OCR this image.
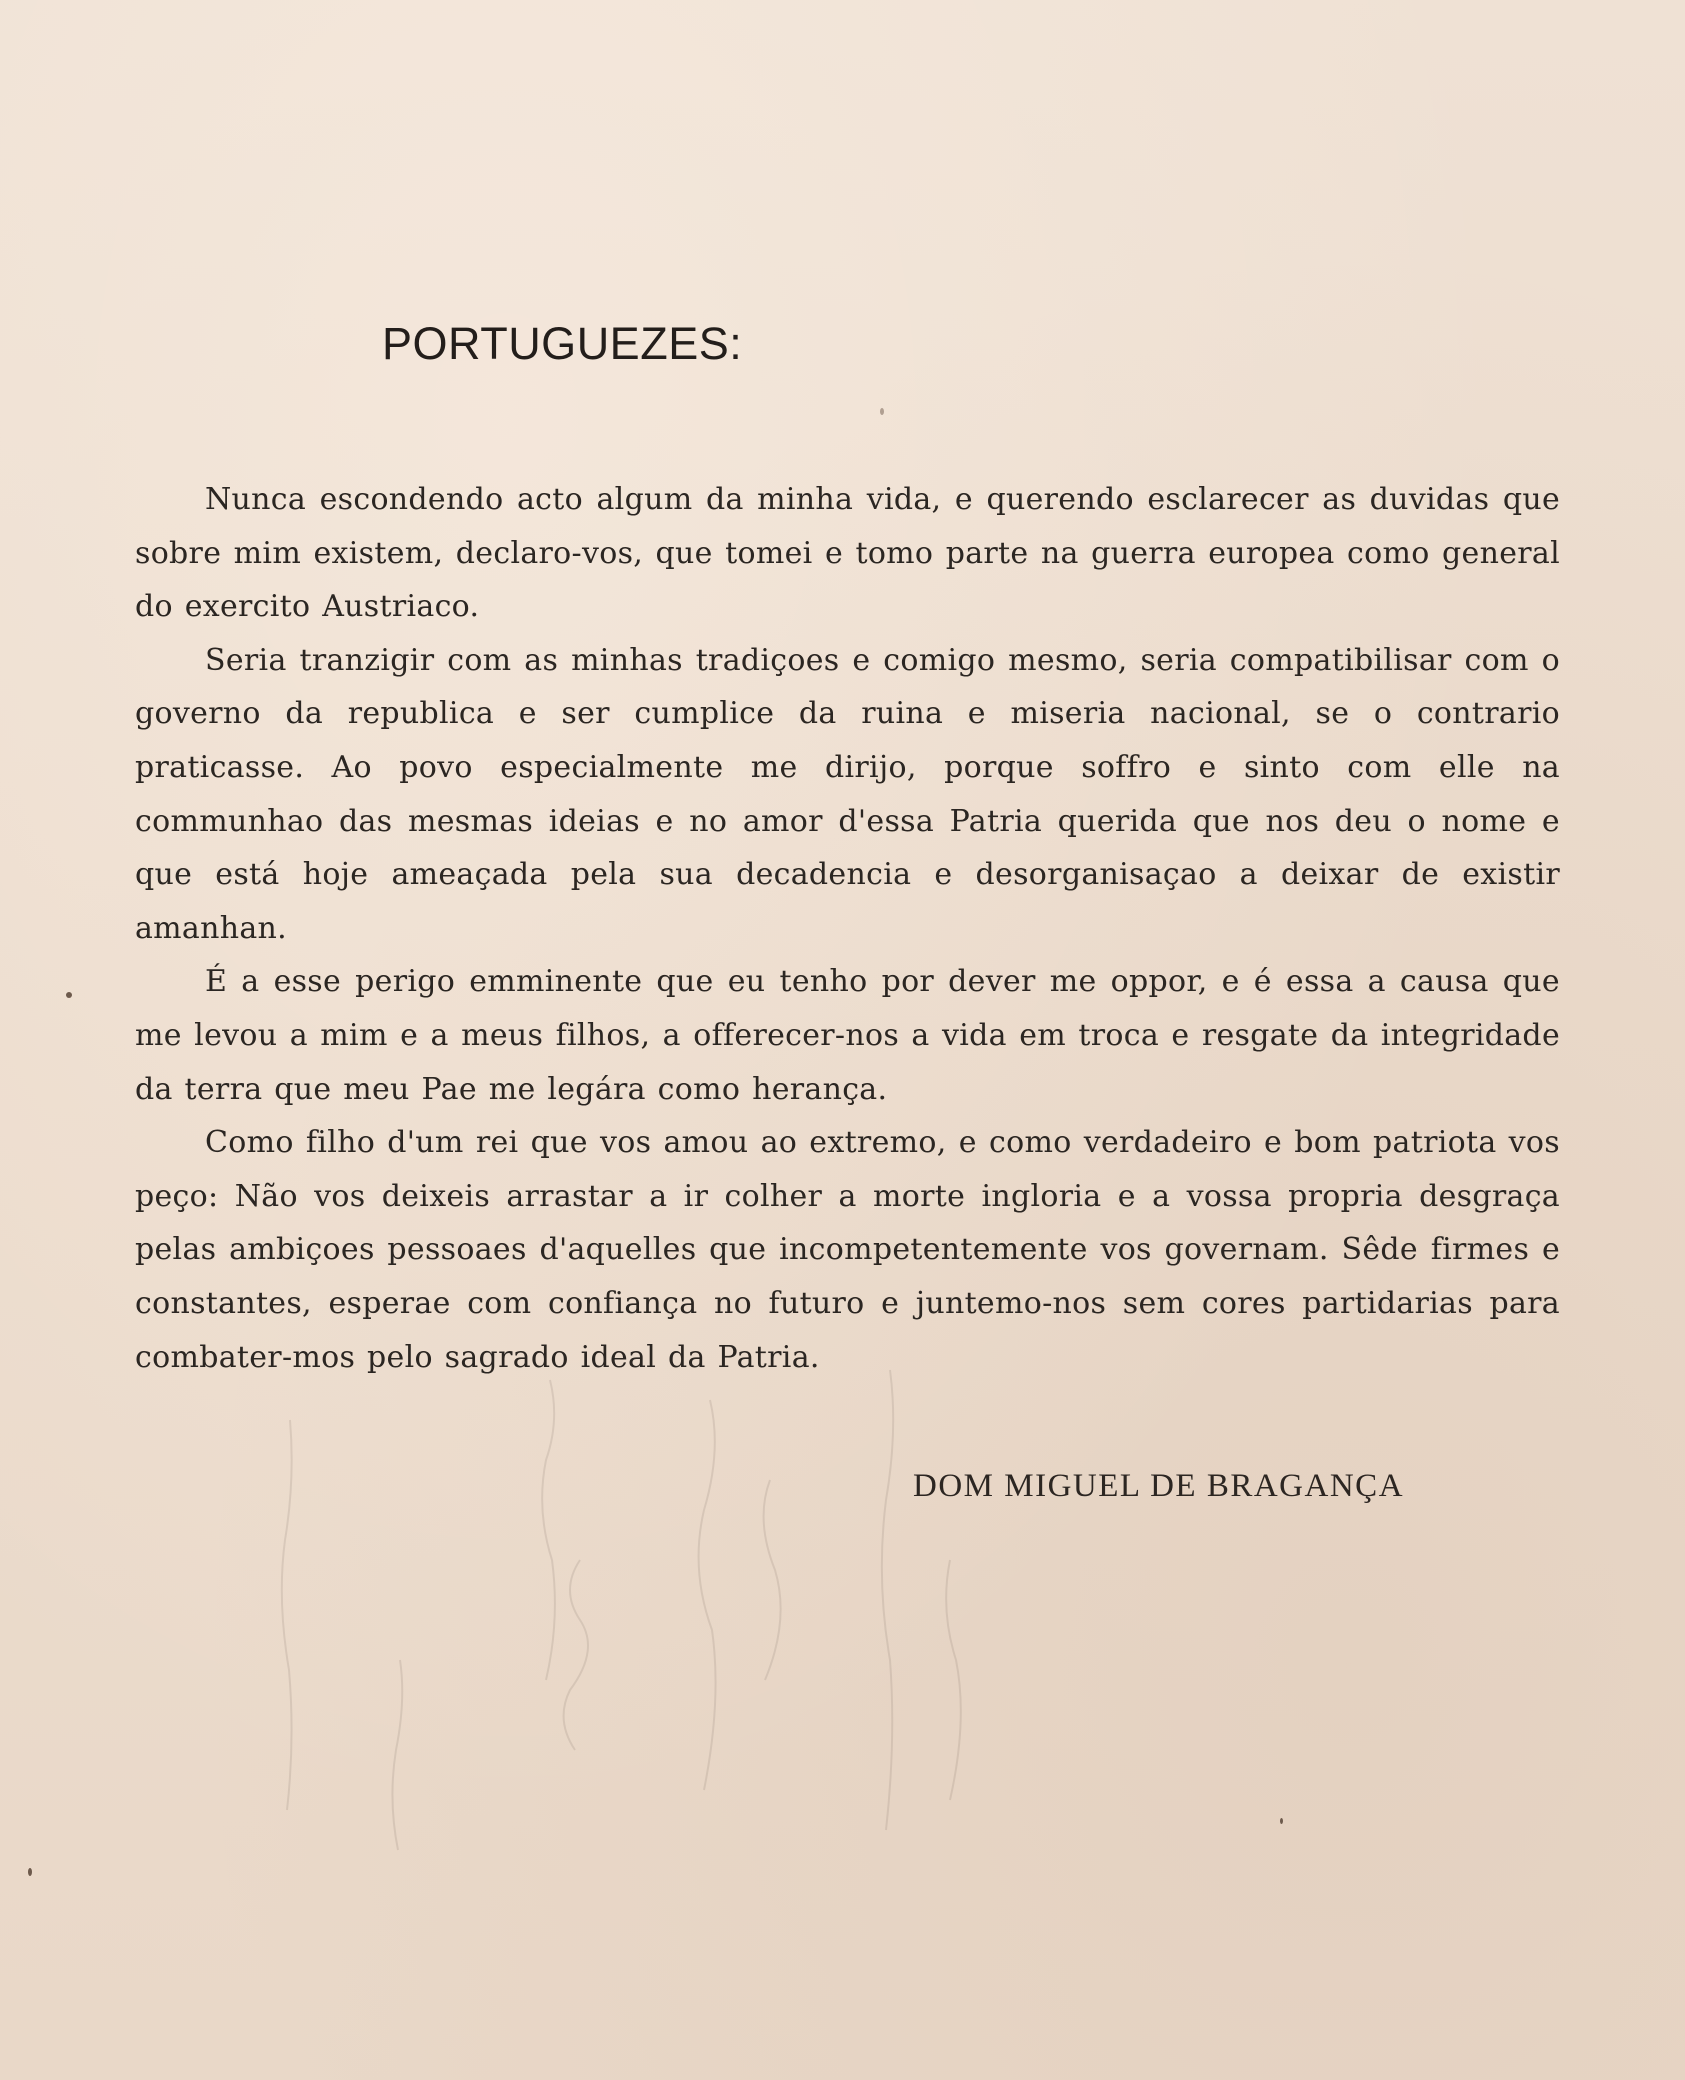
PORTUGUEZES:

Nunca escondendo acto algum da minha vida, e querendo esclarecer as duvidas que sobre mim existem, declaro-vos, que tomei e tomo parte na guerra europea como general do exercito Austriaco.

Seria tranzigir com as minhas tradiçoes e comigo mesmo, seria compatibilisar com o governo da republica e ser cumplice da ruina e miseria nacional, se o contrario praticasse. Ao povo especialmente me dirijo, porque soffro e sinto com elle na communhao das mesmas ideias e no amor d'essa Patria querida que nos deu o nome e que está hoje ameaçada pela sua decadencia e desorganisaçao a deixar de existir amanhan.

É a esse perigo emminente que eu tenho por dever me oppor, e é essa a causa que me levou a mim e a meus filhos, a offerecer-nos a vida em troca e resgate da integridade da terra que meu Pae me legára como herança.

Como filho d'um rei que vos amou ao extremo, e como verdadeiro e bom patriota vos peço: Não vos deixeis arrastar a ir colher a morte ingloria e a vossa propria desgraça pelas ambiçoes pessoaes d'aquelles que incompetentemente vos governam. Sêde firmes e constantes, esperae com confiança no futuro e juntemo-nos sem cores partidarias para combater-mos pelo sagrado ideal da Patria.

DOM MIGUEL DE BRAGANÇA
